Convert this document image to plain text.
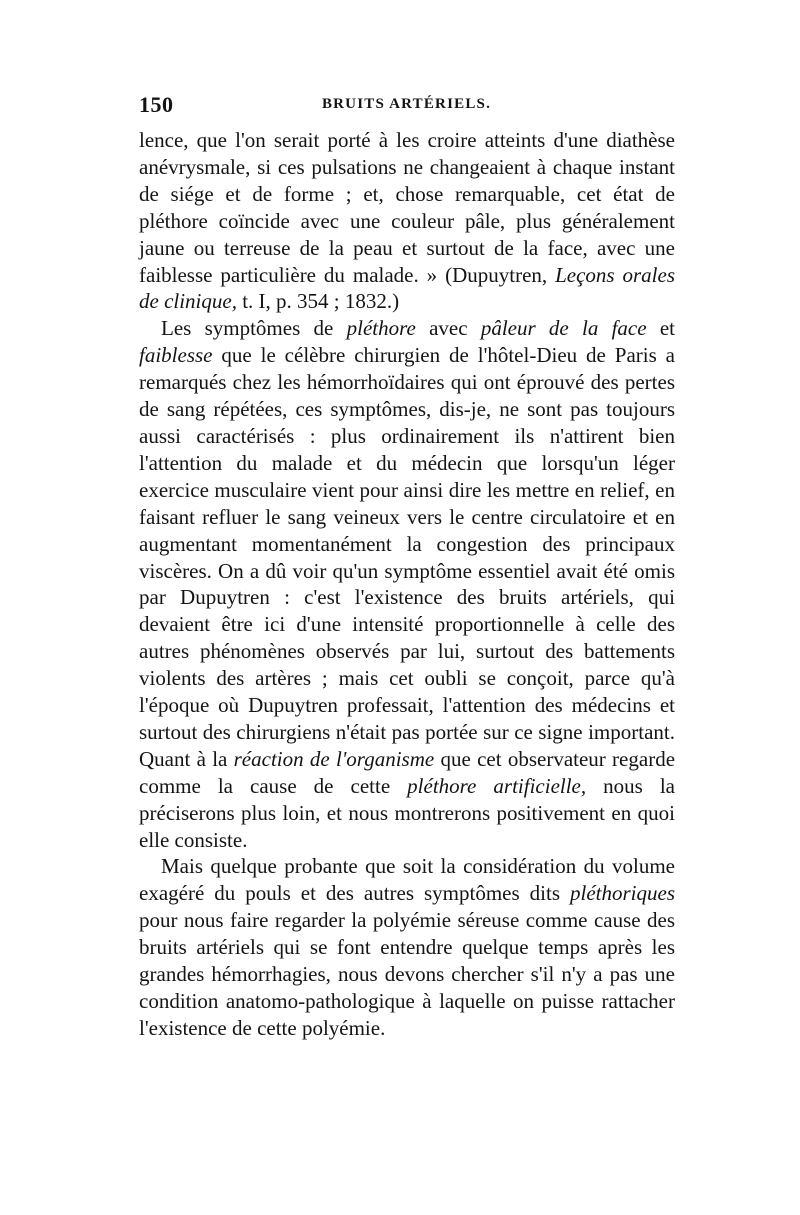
150	BRUITS ARTÉRIELS.

lence, que l'on serait porté à les croire atteints d'une diathèse anévrysmale, si ces pulsations ne changeaient à chaque instant de siége et de forme ; et, chose remarquable, cet état de pléthore coïncide avec une couleur pâle, plus généralement jaune ou terreuse de la peau et surtout de la face, avec une faiblesse particulière du malade. » (Dupuytren, Leçons orales de clinique, t. I, p. 354 ; 1832.)

Les symptômes de pléthore avec pâleur de la face et faiblesse que le célèbre chirurgien de l'hôtel-Dieu de Paris a remarqués chez les hémorrhoïdaires qui ont éprouvé des pertes de sang répétées, ces symptômes, dis-je, ne sont pas toujours aussi caractérisés : plus ordinairement ils n'attirent bien l'attention du malade et du médecin que lorsqu'un léger exercice musculaire vient pour ainsi dire les mettre en relief, en faisant refluer le sang veineux vers le centre circulatoire et en augmentant momentanément la congestion des principaux viscères. On a dû voir qu'un symptôme essentiel avait été omis par Dupuytren : c'est l'existence des bruits artériels, qui devaient être ici d'une intensité proportionnelle à celle des autres phénomènes observés par lui, surtout des battements violents des artères ; mais cet oubli se conçoit, parce qu'à l'époque où Dupuytren professait, l'attention des médecins et surtout des chirurgiens n'était pas portée sur ce signe important. Quant à la réaction de l'organisme que cet observateur regarde comme la cause de cette pléthore artificielle, nous la préciserons plus loin, et nous montrerons positivement en quoi elle consiste.

Mais quelque probante que soit la considération du volume exagéré du pouls et des autres symptômes dits pléthoriques pour nous faire regarder la polyémie séreuse comme cause des bruits artériels qui se font entendre quelque temps après les grandes hémorrhagies, nous devons chercher s'il n'y a pas une condition anatomo-pathologique à laquelle on puisse rattacher l'existence de cette polyémie.
